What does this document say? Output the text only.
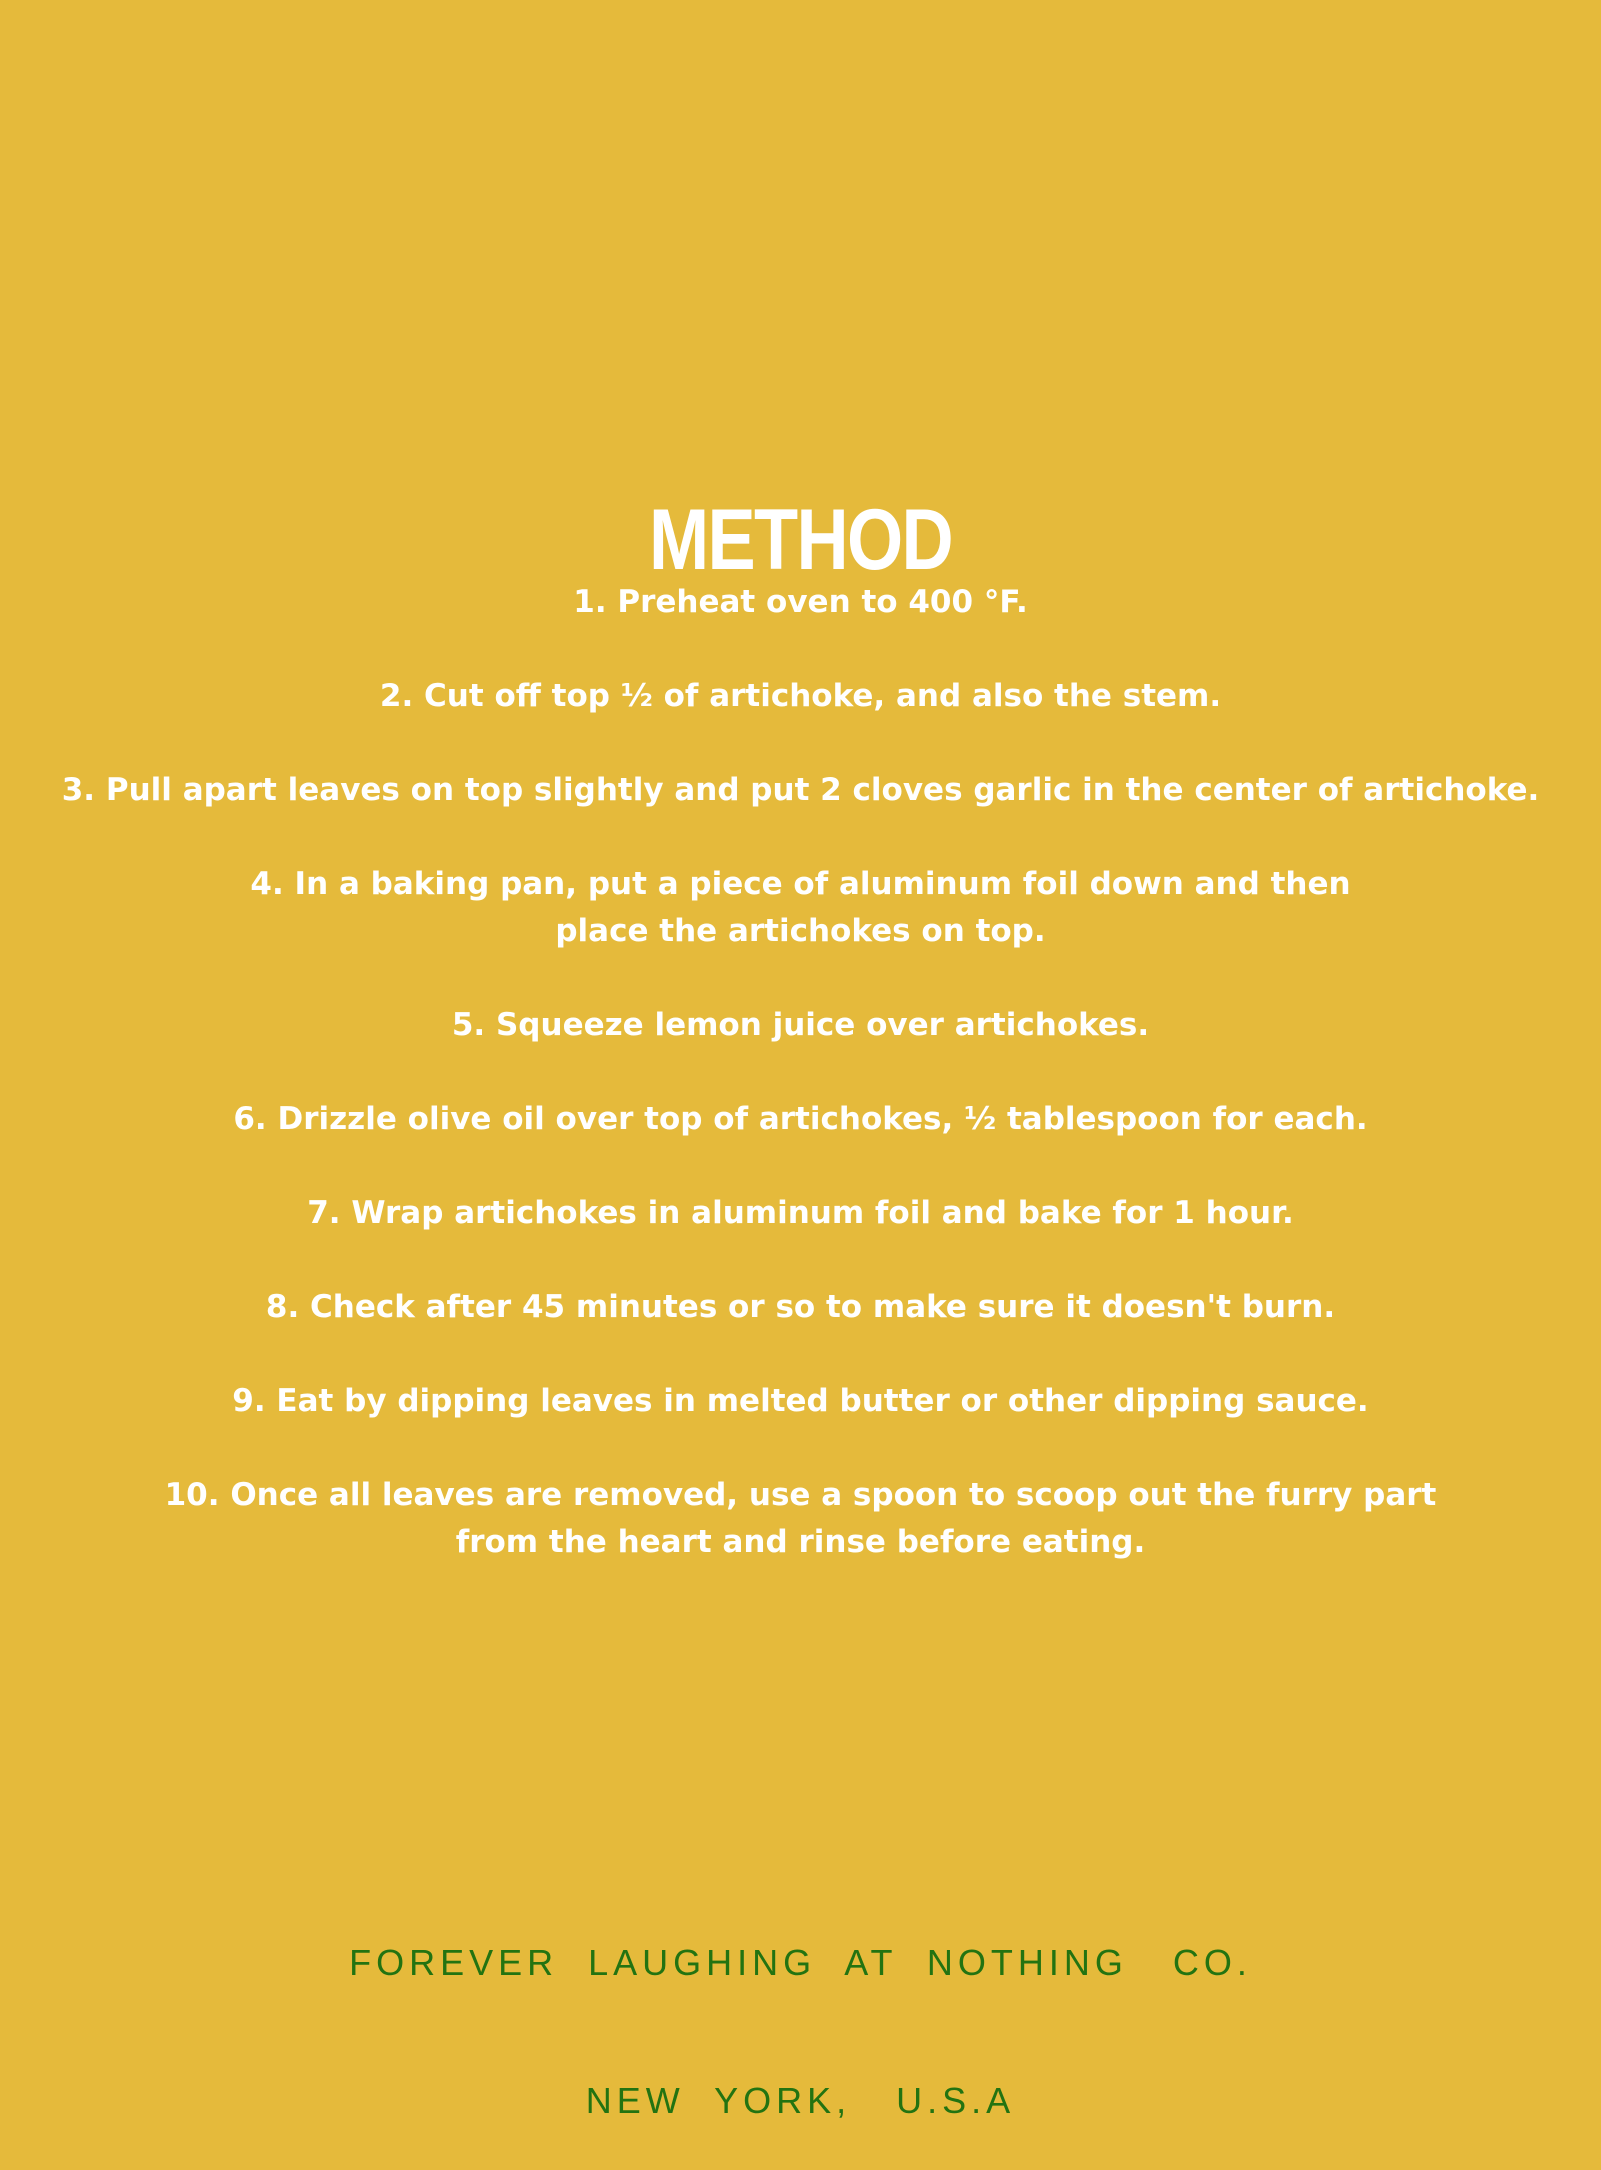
METHOD
1. Preheat oven to 400 °F.
2. Cut off top ½ of artichoke, and also the stem.
3. Pull apart leaves on top slightly and put 2 cloves garlic in the center of artichoke.
4. In a baking pan, put a piece of aluminum foil down and then
place the artichokes on top.
5. Squeeze lemon juice over artichokes.
6. Drizzle olive oil over top of artichokes, ½ tablespoon for each.
7. Wrap artichokes in aluminum foil and bake for 1 hour.
8. Check after 45 minutes or so to make sure it doesn't burn.
9. Eat by dipping leaves in melted butter or other dipping sauce.
10. Once all leaves are removed, use a spoon to scoop out the furry part
from the heart and rinse before eating.

FOREVER  LAUGHING  AT  NOTHING   CO.

NEW  YORK,   U.S.A
